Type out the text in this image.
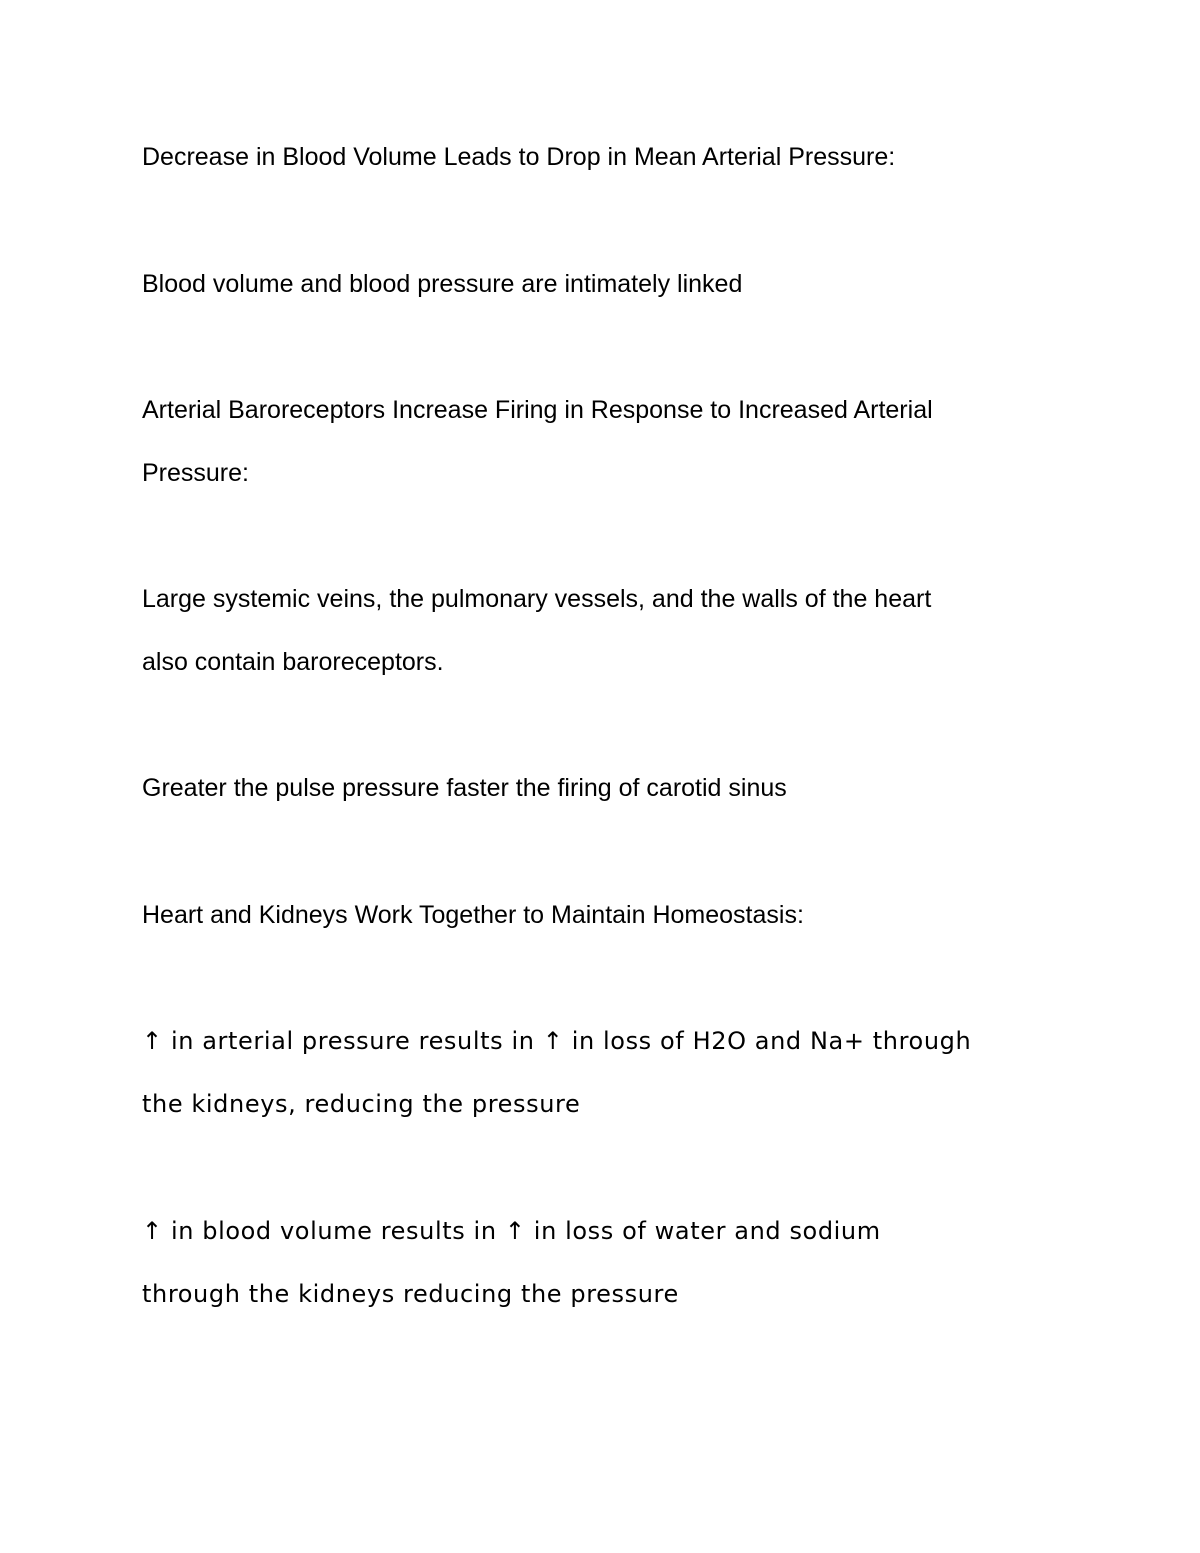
Decrease in Blood Volume Leads to Drop in Mean Arterial Pressure:

Blood volume and blood pressure are intimately linked

Arterial Baroreceptors Increase Firing in Response to Increased Arterial
Pressure:

Large systemic veins, the pulmonary vessels, and the walls of the heart
also contain baroreceptors.

Greater the pulse pressure faster the firing of carotid sinus

Heart and Kidneys Work Together to Maintain Homeostasis:

↑ in arterial pressure results in ↑ in loss of H2O and Na+ through
the kidneys, reducing the pressure

↑ in blood volume results in ↑ in loss of water and sodium
through the kidneys reducing the pressure
